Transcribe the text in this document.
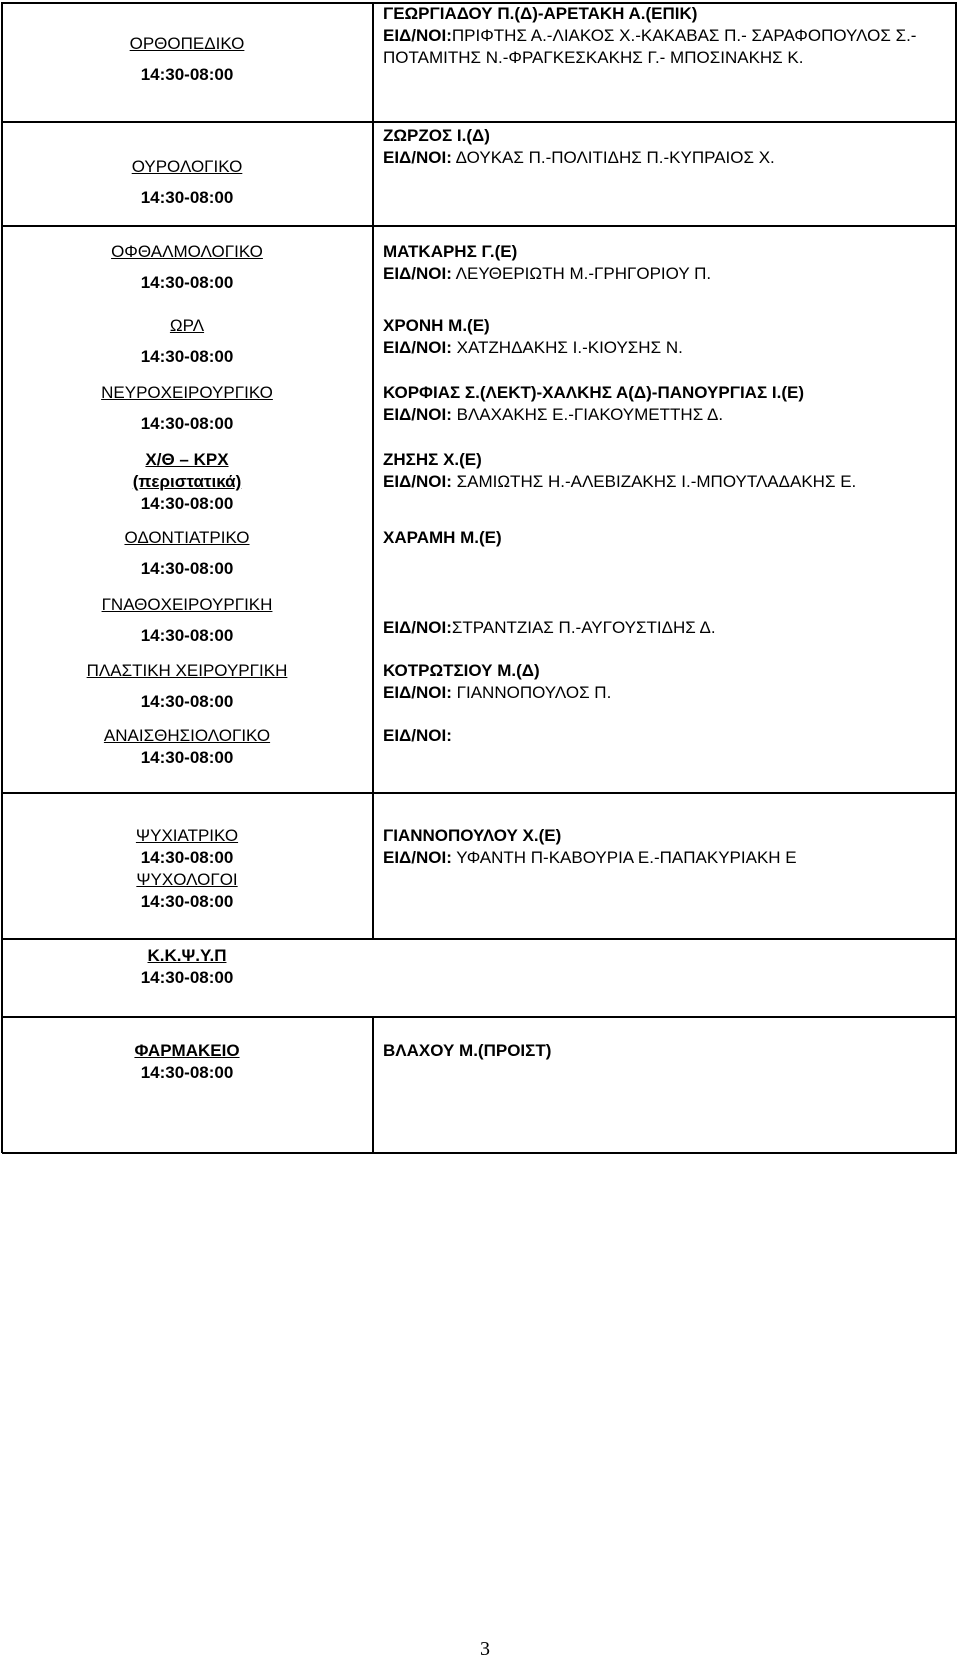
ΟΡΘΟΠΕΔΙΚΟ
14:30-08:00
ΓΕΩΡΓΙΑΔΟΥ Π.(Δ)-ΑΡΕΤΑΚΗ Α.(ΕΠΙΚ)
ΕΙΔ/ΝΟΙ:ΠΡΙΦΤΗΣ Α.-ΛΙΑΚΟΣ Χ.-ΚΑΚΑΒΑΣ Π.- ΣΑΡΑΦΟΠΟΥΛΟΣ Σ.-ΠΟΤΑΜΙΤΗΣ Ν.-ΦΡΑΓΚΕΣΚΑΚΗΣ Γ.- ΜΠΟΣΙΝΑΚΗΣ Κ.
ΟΥΡΟΛΟΓΙΚΟ
14:30-08:00
ΖΩΡΖΟΣ Ι.(Δ)
ΕΙΔ/ΝΟΙ: ΔΟΥΚΑΣ Π.-ΠΟΛΙΤΙΔΗΣ Π.-ΚΥΠΡΑΙΟΣ Χ.
ΟΦΘΑΛΜΟΛΟΓΙΚΟ
14:30-08:00
ΜΑΤΚΑΡΗΣ Γ.(Ε)
ΕΙΔ/ΝΟΙ: ΛΕΥΘΕΡΙΩΤΗ Μ.-ΓΡΗΓΟΡΙΟΥ Π.
ΩΡΛ
14:30-08:00
ΧΡΟΝΗ Μ.(Ε)
ΕΙΔ/ΝΟΙ: ΧΑΤΖΗΔΑΚΗΣ Ι.-ΚΙΟΥΣΗΣ Ν.
ΝΕΥΡΟΧΕΙΡΟΥΡΓΙΚΟ
14:30-08:00
ΚΟΡΦΙΑΣ Σ.(ΛΕΚΤ)-ΧΑΛΚΗΣ Α(Δ)-ΠΑΝΟΥΡΓΙΑΣ Ι.(Ε)
ΕΙΔ/ΝΟΙ: ΒΛΑΧΑΚΗΣ Ε.-ΓΙΑΚΟΥΜΕΤΤΗΣ Δ.
Χ/Θ – ΚΡΧ
(περιστατικά)
14:30-08:00
ΖΗΣΗΣ Χ.(Ε)
ΕΙΔ/ΝΟΙ: ΣΑΜΙΩΤΗΣ Η.-ΑΛΕΒΙΖΑΚΗΣ Ι.-ΜΠΟΥΤΛΑΔΑΚΗΣ Ε.
ΟΔΟΝΤΙΑΤΡΙΚΟ
14:30-08:00
ΧΑΡΑΜΗ Μ.(Ε)
ΓΝΑΘΟΧΕΙΡΟΥΡΓΙΚΗ
14:30-08:00	ΕΙΔ/ΝΟΙ:ΣΤΡΑΝΤΖΙΑΣ Π.-ΑΥΓΟΥΣΤΙΔΗΣ Δ.
ΠΛΑΣΤΙΚΗ ΧΕΙΡΟΥΡΓΙΚΗ
14:30-08:00
ΚΟΤΡΩΤΣΙΟΥ Μ.(Δ)
ΕΙΔ/ΝΟΙ: ΓΙΑΝΝΟΠΟΥΛΟΣ Π.
ΑΝΑΙΣΘΗΣΙΟΛΟΓΙΚΟ
14:30-08:00
ΕΙΔ/ΝΟΙ:
ΨΥΧΙΑΤΡΙΚΟ
14:30-08:00
ΨΥΧΟΛΟΓΟΙ
14:30-08:00
ΓΙΑΝΝΟΠΟΥΛΟΥ Χ.(Ε)
ΕΙΔ/ΝΟΙ: ΥΦΑΝΤΗ Π-ΚΑΒΟΥΡΙΑ Ε.-ΠΑΠΑΚΥΡΙΑΚΗ Ε
Κ.Κ.Ψ.Υ.Π
14:30-08:00
ΦΑΡΜΑΚΕΙΟ
14:30-08:00
ΒΛΑΧΟΥ Μ.(ΠΡΟΙΣΤ)
3
